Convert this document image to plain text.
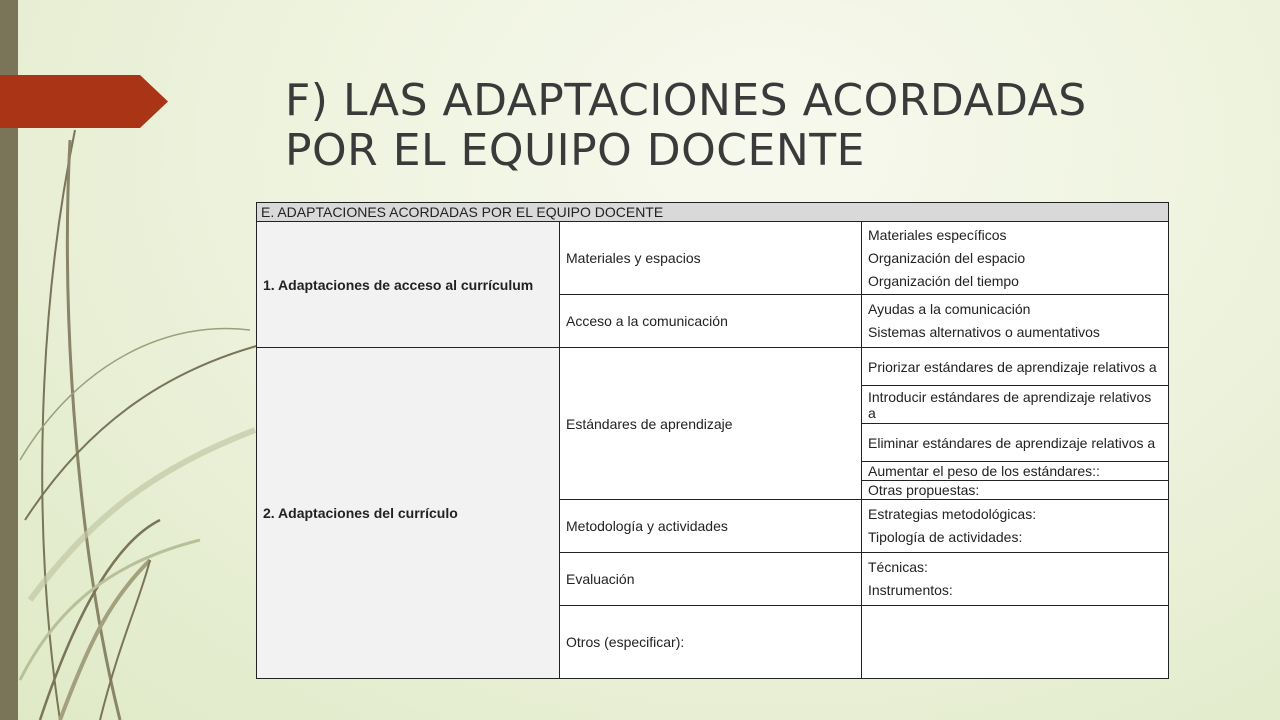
F) LAS ADAPTACIONES ACORDADAS
POR EL EQUIPO DOCENTE
E. ADAPTACIONES ACORDADAS POR EL EQUIPO DOCENTE		
1. Adaptaciones de acceso al currículum	Materiales y espacios	Materiales específicos
Organización del espacio
Organización del tiempo

	Acceso a la comunicación	Ayudas a la comunicación
Sistemas alternativos o aumentativos

2. Adaptaciones del currículo	Estándares de aprendizaje	Priorizar estándares de aprendizaje relativos a

		Introducir estándares de aprendizaje relativos a

		Eliminar estándares de aprendizaje relativos a

		Aumentar el peso de los estándares::

		Otras propuestas:

	Metodología y actividades	Estrategias metodológicas:
Tipología de actividades:

	Evaluación	Técnicas:
Instrumentos:

	Otros (especificar):	
